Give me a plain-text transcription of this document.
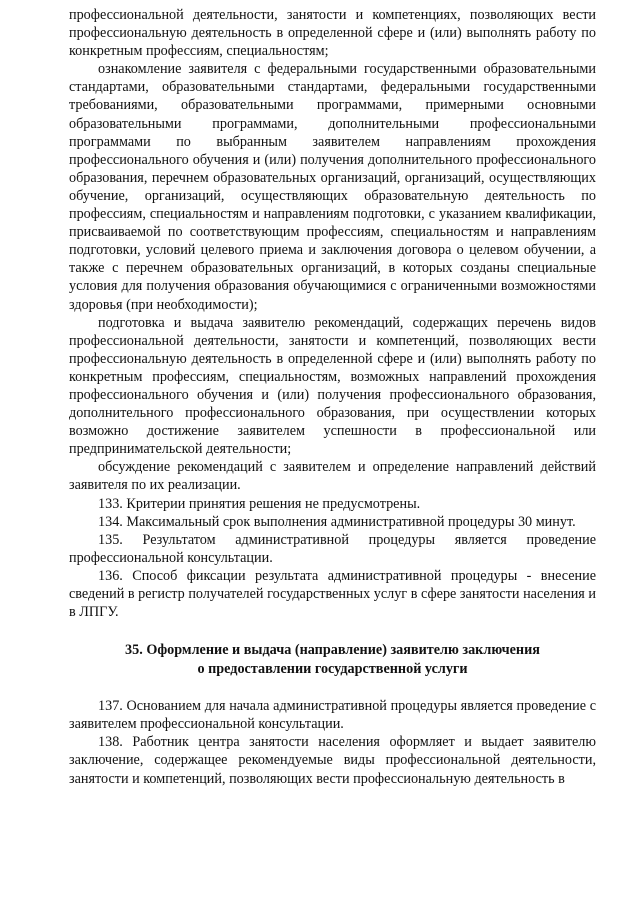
профессиональной деятельности, занятости и компетенциях, позволяющих вести профессиональную деятельность в определенной сфере и (или) выполнять работу по конкретным профессиям, специальностям;

ознакомление заявителя с федеральными государственными образовательными стандартами, образовательными стандартами, федеральными государственными требованиями, образовательными программами, примерными основными образовательными программами, дополнительными профессиональными программами по выбранным заявителем направлениям прохождения профессионального обучения и (или) получения дополнительного профессионального образования, перечнем образовательных организаций, организаций, осуществляющих обучение, организаций, осуществляющих образовательную деятельность по профессиям, специальностям и направлениям подготовки, с указанием квалификации, присваиваемой по соответствующим профессиям, специальностям и направлениям подготовки, условий целевого приема и заключения договора о целевом обучении, а также с перечнем образовательных организаций, в которых созданы специальные условия для получения образования обучающимися с ограниченными возможностями здоровья (при необходимости);

подготовка и выдача заявителю рекомендаций, содержащих перечень видов профессиональной деятельности, занятости и компетенций, позволяющих вести профессиональную деятельность в определенной сфере и (или) выполнять работу по конкретным профессиям, специальностям, возможных направлений прохождения профессионального обучения и (или) получения профессионального образования, дополнительного профессионального образования, при осуществлении которых возможно достижение заявителем успешности в профессиональной или предпринимательской деятельности;

обсуждение рекомендаций с заявителем и определение направлений действий заявителя по их реализации.

133. Критерии принятия решения не предусмотрены.

134. Максимальный срок выполнения административной процедуры 30 минут.

135. Результатом административной процедуры является проведение профессиональной консультации.

136. Способ фиксации результата административной процедуры - внесение сведений в регистр получателей государственных услуг в сфере занятости населения и в ЛПГУ.

35. Оформление и выдача (направление) заявителю заключения
о предоставлении государственной услуги

137. Основанием для начала административной процедуры является проведение с заявителем профессиональной консультации.

138. Работник центра занятости населения оформляет и выдает заявителю заключение, содержащее рекомендуемые виды профессиональной деятельности, занятости и компетенций, позволяющих вести профессиональную деятельность в
